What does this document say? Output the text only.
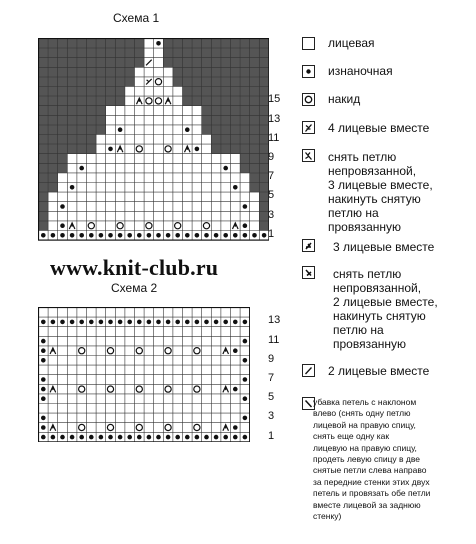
Схема 1
15
13
11
9
7
5
3
1
www.knit-club.ru
Схема 2
13
11
9
7
5
3
1
лицевая
изнаночная
накид
4 лицевые вместе
снять петлю
непровязанной,
3 лицевые вместе,
накинуть снятую
петлю на
провязанную
3 лицевые вместе
снять петлю
непровязанной,
2 лицевые вместе,
накинуть снятую
петлю на
провязанную
2 лицевые вместе
убавка петель с наклоном
влево (снять одну петлю
лицевой на правую спицу,
снять еще одну как
лицевую на правую спицу,
продеть левую спицу в две
снятые петли слева направо
за передние стенки этих двух
петель и провязать обе петли
вместе лицевой за заднюю
стенку)
